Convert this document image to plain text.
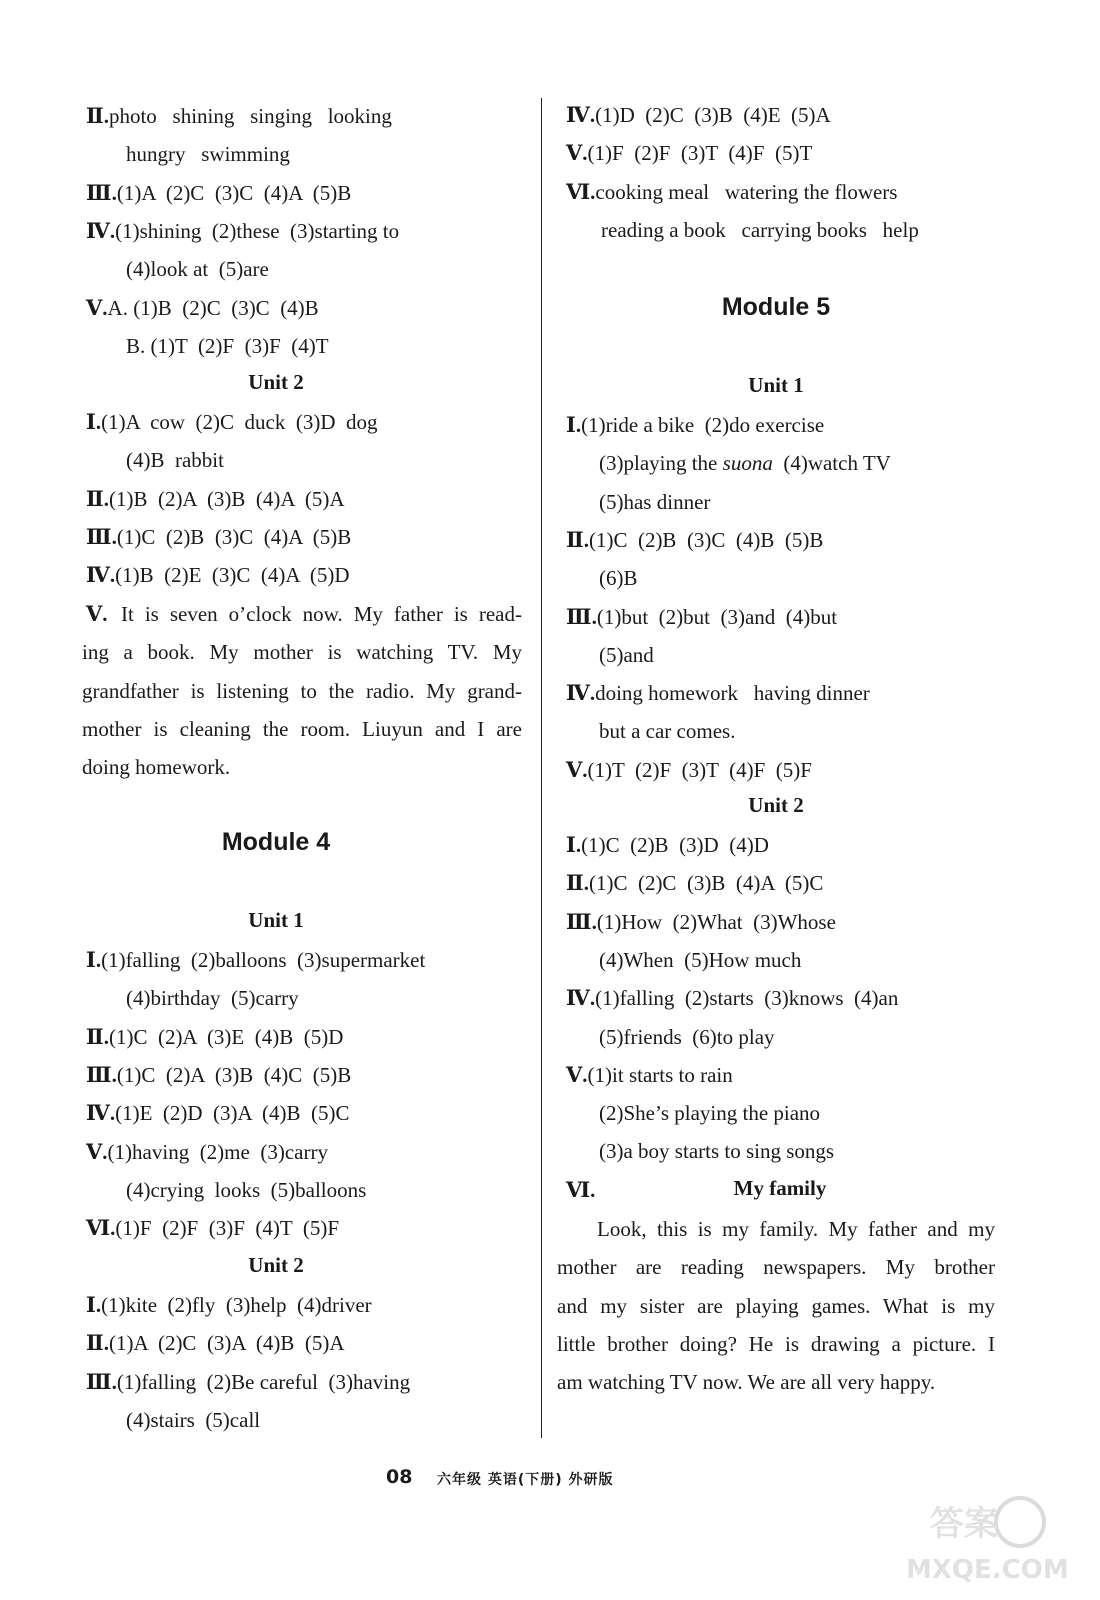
08 六年级 英语(下册) 外研版
答案
MXQE.COM
Ⅱ.photo   shining   singing   looking
hungry   swimming
Ⅲ.(1)A  (2)C  (3)C  (4)A  (5)B
Ⅳ.(1)shining  (2)these  (3)starting to
(4)look at  (5)are
Ⅴ.A. (1)B  (2)C  (3)C  (4)B
B. (1)T  (2)F  (3)F  (4)T
Unit 2
Ⅰ.(1)A  cow  (2)C  duck  (3)D  dog
(4)B  rabbit
Ⅱ.(1)B  (2)A  (3)B  (4)A  (5)A
Ⅲ.(1)C  (2)B  (3)C  (4)A  (5)B
Ⅳ.(1)B  (2)E  (3)C  (4)A  (5)D
Ⅴ. It is seven o’clock now. My father is read-
ing a book. My mother is watching TV. My
grandfather is listening to the radio. My grand-
mother is cleaning the room. Liuyun and I are
doing homework.
Module 4
Unit 1
Ⅰ.(1)falling  (2)balloons  (3)supermarket
(4)birthday  (5)carry
Ⅱ.(1)C  (2)A  (3)E  (4)B  (5)D
Ⅲ.(1)C  (2)A  (3)B  (4)C  (5)B
Ⅳ.(1)E  (2)D  (3)A  (4)B  (5)C
Ⅴ.(1)having  (2)me  (3)carry
(4)crying  looks  (5)balloons
Ⅵ.(1)F  (2)F  (3)F  (4)T  (5)F
Unit 2
Ⅰ.(1)kite  (2)fly  (3)help  (4)driver
Ⅱ.(1)A  (2)C  (3)A  (4)B  (5)A
Ⅲ.(1)falling  (2)Be careful  (3)having
(4)stairs  (5)call
Ⅳ.(1)D  (2)C  (3)B  (4)E  (5)A
Ⅴ.(1)F  (2)F  (3)T  (4)F  (5)T
Ⅵ.cooking meal   watering the flowers
reading a book   carrying books   help
Module 5
Unit 1
Ⅰ.(1)ride a bike  (2)do exercise
(3)playing the suona  (4)watch TV
(5)has dinner
Ⅱ.(1)C  (2)B  (3)C  (4)B  (5)B
(6)B
Ⅲ.(1)but  (2)but  (3)and  (4)but
(5)and
Ⅳ.doing homework   having dinner
but a car comes.
Ⅴ.(1)T  (2)F  (3)T  (4)F  (5)F
Unit 2
Ⅰ.(1)C  (2)B  (3)D  (4)D
Ⅱ.(1)C  (2)C  (3)B  (4)A  (5)C
Ⅲ.(1)How  (2)What  (3)Whose
(4)When  (5)How much
Ⅳ.(1)falling  (2)starts  (3)knows  (4)an
(5)friends  (6)to play
Ⅴ.(1)it starts to rain
(2)She’s playing the piano
(3)a boy starts to sing songs
Ⅵ.	My family
Look, this is my family. My father and my
mother are reading newspapers. My brother
and my sister are playing games. What is my
little brother doing? He is drawing a picture. I
am watching TV now. We are all very happy.
